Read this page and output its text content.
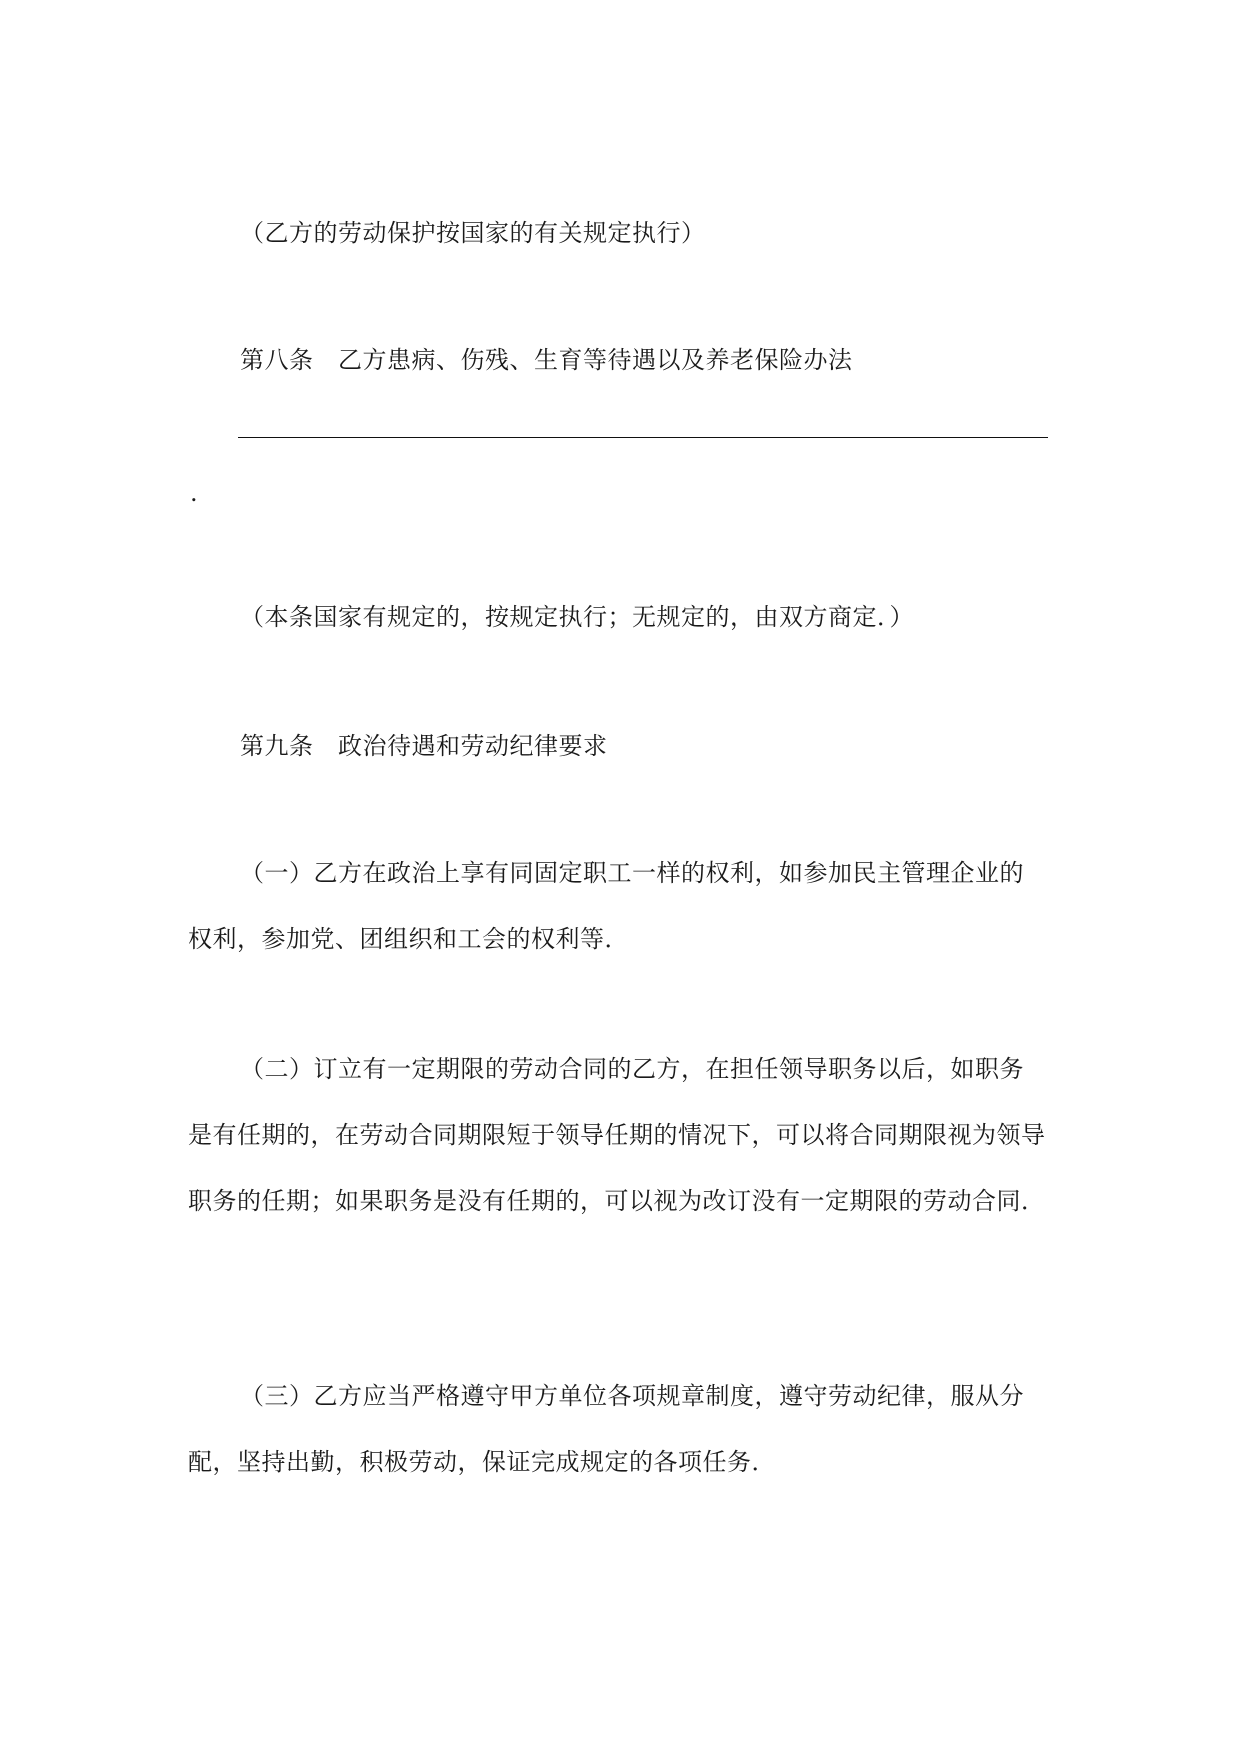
（乙方的劳动保护按国家的有关规定执行）

第八条　乙方患病、伤残、生育等待遇以及养老保险办法

.

（本条国家有规定的，按规定执行；无规定的，由双方商定．）

第九条　政治待遇和劳动纪律要求

（一）乙方在政治上享有同固定职工一样的权利，如参加民主管理企业的权利，参加党、团组织和工会的权利等．

（二）订立有一定期限的劳动合同的乙方，在担任领导职务以后，如职务是有任期的，在劳动合同期限短于领导任期的情况下，可以将合同期限视为领导职务的任期；如果职务是没有任期的，可以视为改订没有一定期限的劳动合同．

（三）乙方应当严格遵守甲方单位各项规章制度，遵守劳动纪律，服从分配，坚持出勤，积极劳动，保证完成规定的各项任务．
